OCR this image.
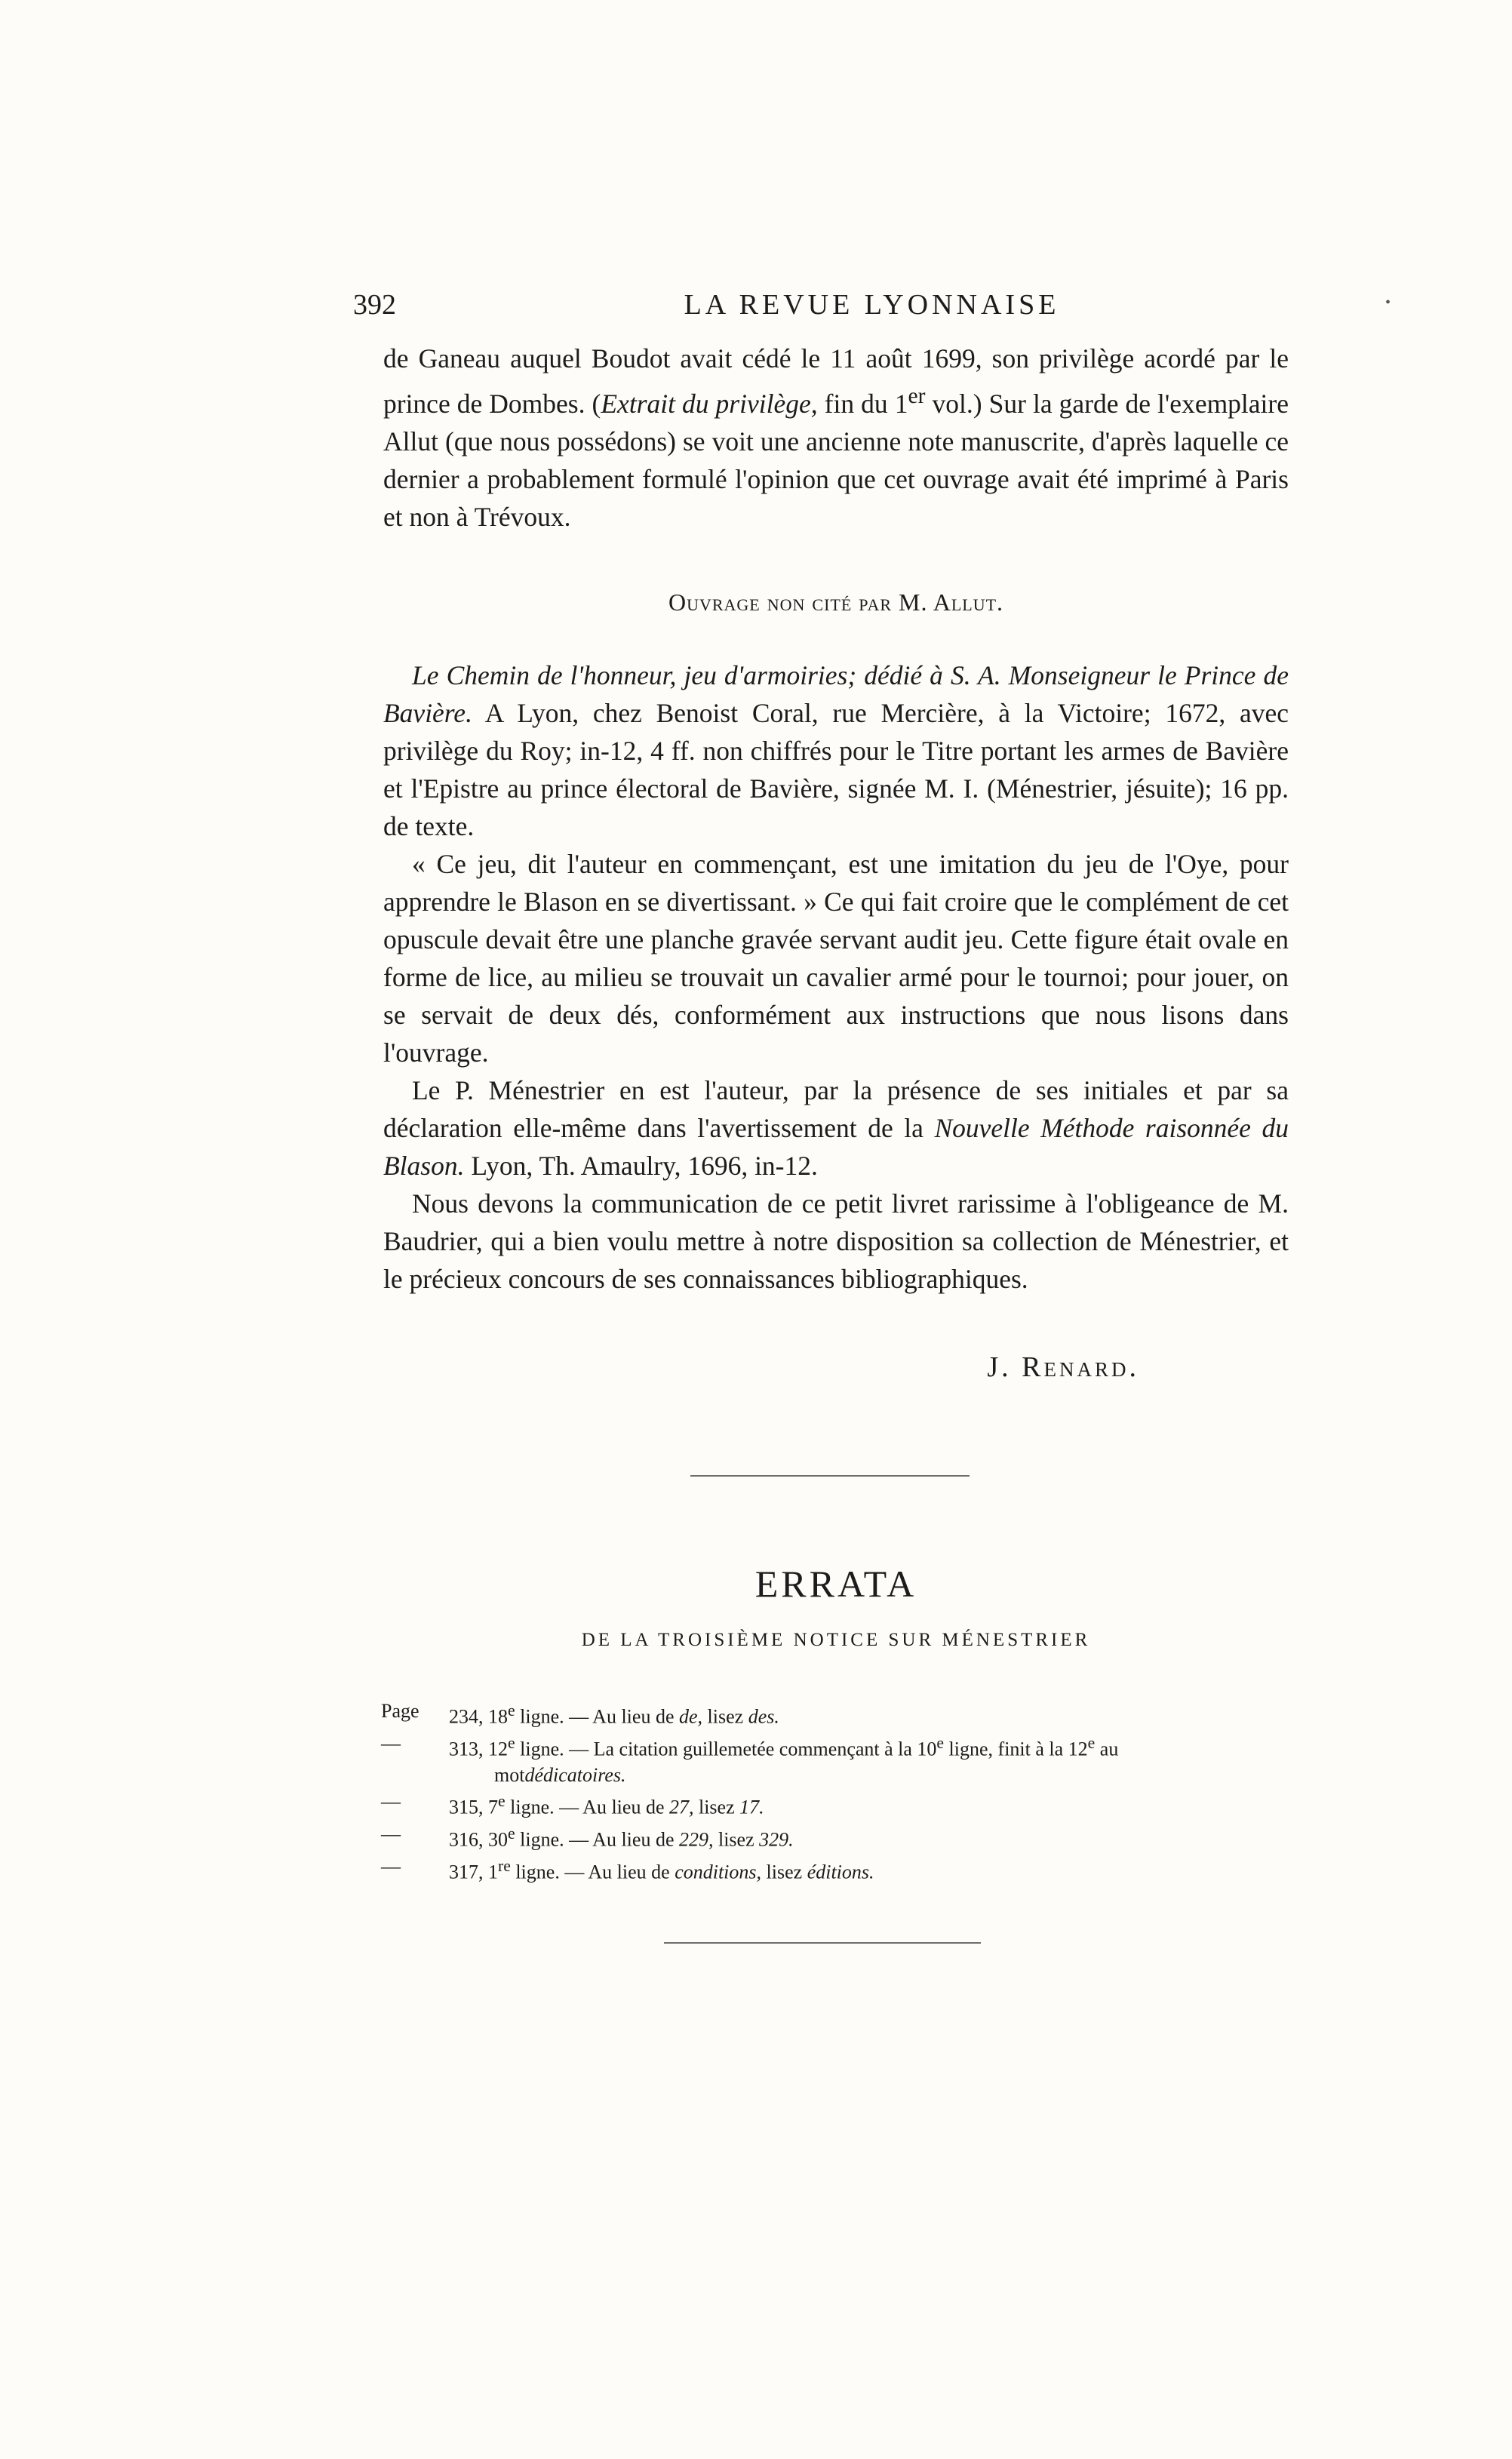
392	LA REVUE LYONNAISE	•

de Ganeau auquel Boudot avait cédé le 11 août 1699, son privilège acordé par le prince de Dombes. (Extrait du privilège, fin du 1er vol.) Sur la garde de l'exemplaire Allut (que nous possédons) se voit une ancienne note manuscrite, d'après laquelle ce dernier a probablement formulé l'opinion que cet ouvrage avait été imprimé à Paris et non à Trévoux.

Ouvrage non cité par M. Allut.

Le Chemin de l'honneur, jeu d'armoiries; dédié à S. A. Monseigneur le Prince de Bavière. A Lyon, chez Benoist Coral, rue Mercière, à la Victoire; 1672, avec privilège du Roy; in-12, 4 ff. non chiffrés pour le Titre portant les armes de Bavière et l'Epistre au prince électoral de Bavière, signée M. I. (Ménestrier, jésuite); 16 pp. de texte.

« Ce jeu, dit l'auteur en commençant, est une imitation du jeu de l'Oye, pour apprendre le Blason en se divertissant. » Ce qui fait croire que le complément de cet opuscule devait être une planche gravée servant audit jeu. Cette figure était ovale en forme de lice, au milieu se trouvait un cavalier armé pour le tournoi; pour jouer, on se servait de deux dés, conformément aux instructions que nous lisons dans l'ouvrage.

Le P. Ménestrier en est l'auteur, par la présence de ses initiales et par sa déclaration elle-même dans l'avertissement de la Nouvelle Méthode raisonnée du Blason. Lyon, Th. Amaulry, 1696, in-12.

Nous devons la communication de ce petit livret rarissime à l'obligeance de M. Baudrier, qui a bien voulu mettre à notre disposition sa collection de Ménestrier, et le précieux concours de ses connaissances bibliographiques.

J. Renard.
ERRATA
DE LA TROISIÈME NOTICE SUR MÉNESTRIER
Page	234, 18e ligne. — Au lieu de de, lisez des.
—	313, 12e ligne. — La citation guillemetée commençant à la 10e ligne, finit à la 12e au
mot dédicatoires.
—	315, 7e ligne. — Au lieu de 27, lisez 17.
—	316, 30e ligne. — Au lieu de 229, lisez 329.
—	317, 1re ligne. — Au lieu de conditions, lisez éditions.
